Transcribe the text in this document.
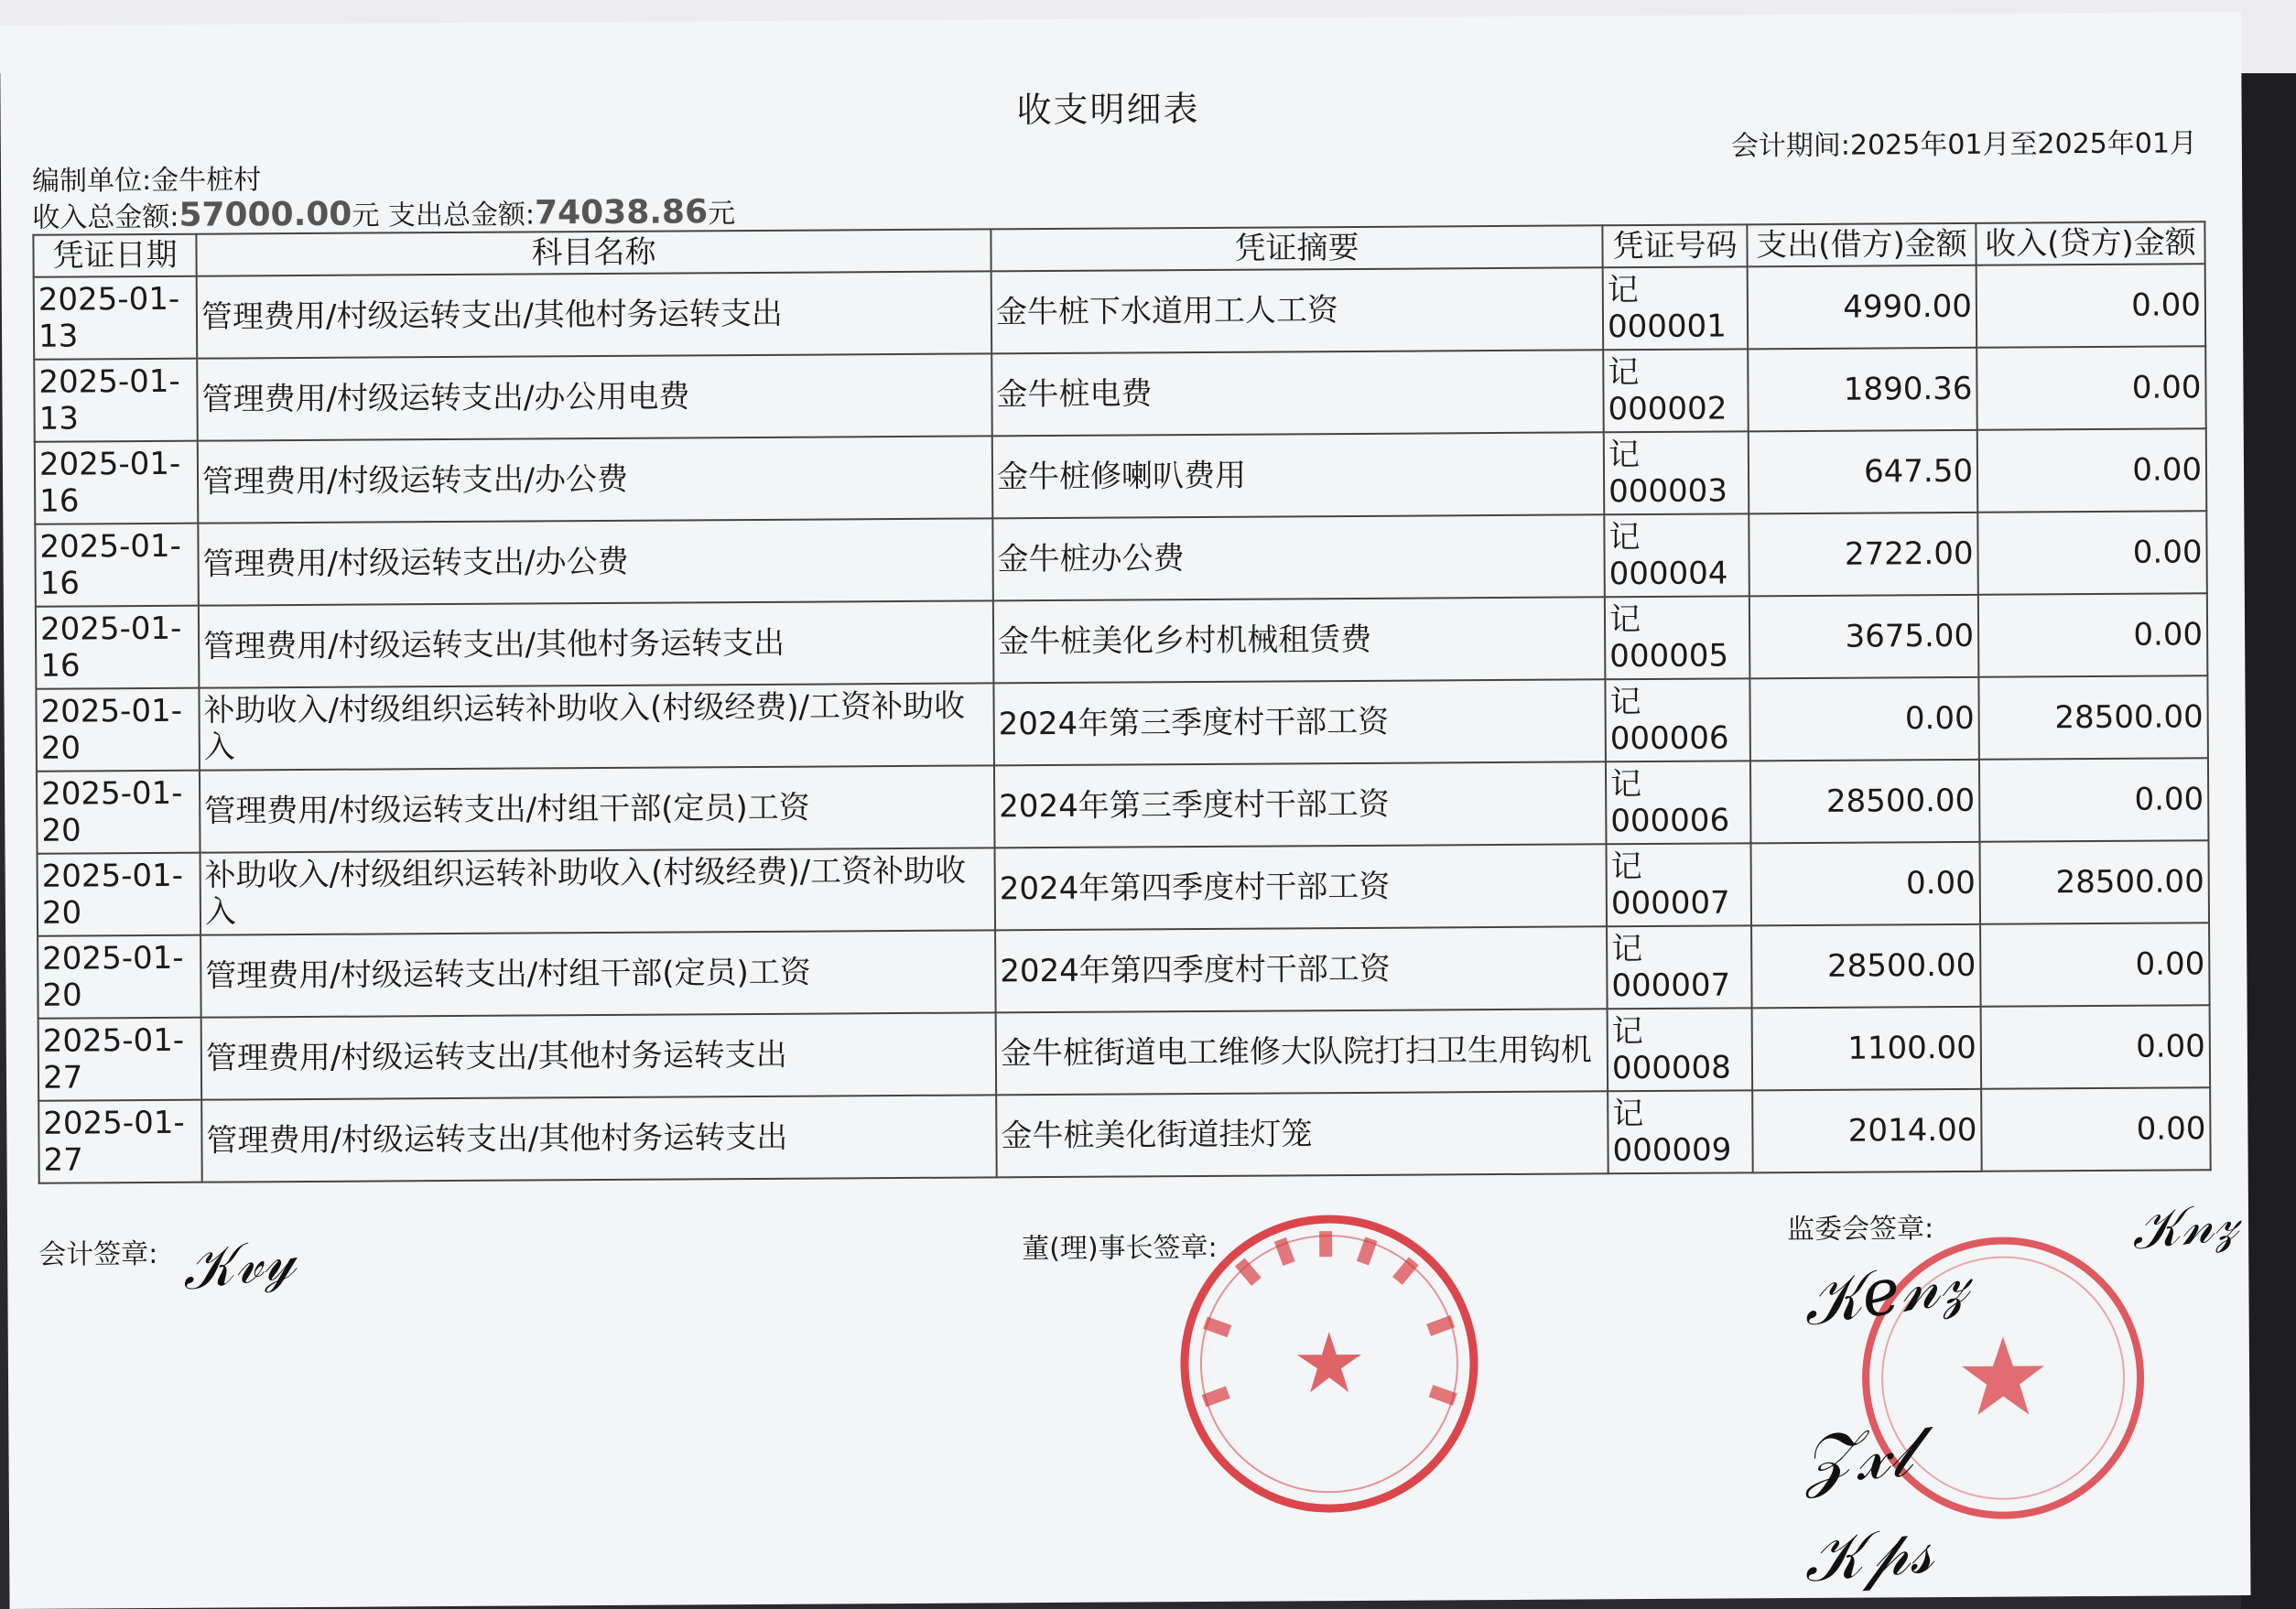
收支明细表
编制单位:金牛桩村
会计期间:2025年01月至2025年01月
收入总金额:57000.00元 支出总金额:74038.86元
凭证日期	科目名称	凭证摘要	凭证号码	支出(借方)金额	收入(贷方)金额
2025-01-13	管理费用/村级运转支出/其他村务运转支出	金牛桩下水道用工人工资	记000001	4990.00	0.00
2025-01-13	管理费用/村级运转支出/办公用电费	金牛桩电费	记000002	1890.36	0.00
2025-01-16	管理费用/村级运转支出/办公费	金牛桩修喇叭费用	记000003	647.50	0.00
2025-01-16	管理费用/村级运转支出/办公费	金牛桩办公费	记000004	2722.00	0.00
2025-01-16	管理费用/村级运转支出/其他村务运转支出	金牛桩美化乡村机械租赁费	记000005	3675.00	0.00
2025-01-20	补助收入/村级组织运转补助收入(村级经费)/工资补助收入	2024年第三季度村干部工资	记000006	0.00	28500.00
2025-01-20	管理费用/村级运转支出/村组干部(定员)工资	2024年第三季度村干部工资	记000006	28500.00	0.00
2025-01-20	补助收入/村级组织运转补助收入(村级经费)/工资补助收入	2024年第四季度村干部工资	记000007	0.00	28500.00
2025-01-20	管理费用/村级运转支出/村组干部(定员)工资	2024年第四季度村干部工资	记000007	28500.00	0.00
2025-01-27	管理费用/村级运转支出/其他村务运转支出	金牛桩街道电工维修大队院打扫卫生用钩机	记000008	1100.00	0.00
2025-01-27	管理费用/村级运转支出/其他村务运转支出	金牛桩美化街道挂灯笼	记000009	2014.00	0.00
会计签章: 𝒦𝓋𝓎	董(理)事长签章:
监委会签章:
𝒦𝑒𝓃𝓏
𝒦𝓃𝓏
𝒵𝓍𝓁
𝒦𝓅𝓈
